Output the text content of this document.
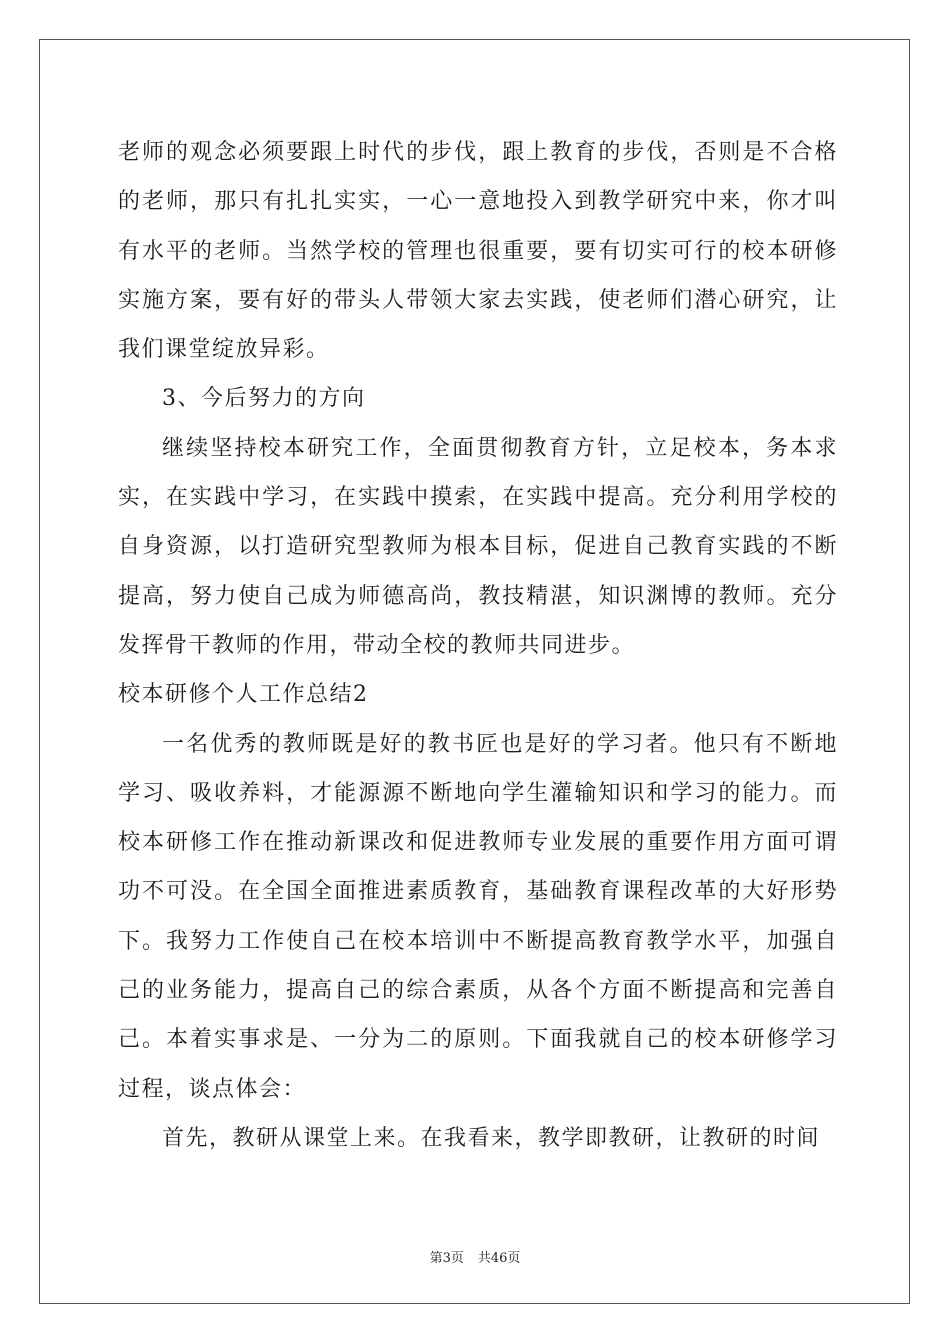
老师的观念必须要跟上时代的步伐，跟上教育的步伐，否则是不合格的老师，那只有扎扎实实，一心一意地投入到教学研究中来，你才叫有水平的老师。当然学校的管理也很重要，要有切实可行的校本研修实施方案，要有好的带头人带领大家去实践，使老师们潜心研究，让我们课堂绽放异彩。

3、今后努力的方向

继续坚持校本研究工作，全面贯彻教育方针，立足校本，务本求实，在实践中学习，在实践中摸索，在实践中提高。充分利用学校的自身资源，以打造研究型教师为根本目标，促进自己教育实践的不断提高，努力使自己成为师德高尚，教技精湛，知识渊博的教师。充分发挥骨干教师的作用，带动全校的教师共同进步。

校本研修个人工作总结2

一名优秀的教师既是好的教书匠也是好的学习者。他只有不断地学习、吸收养料，才能源源不断地向学生灌输知识和学习的能力。而校本研修工作在推动新课改和促进教师专业发展的重要作用方面可谓功不可没。在全国全面推进素质教育，基础教育课程改革的大好形势下。我努力工作使自己在校本培训中不断提高教育教学水平，加强自己的业务能力，提高自己的综合素质，从各个方面不断提高和完善自己。本着实事求是、一分为二的原则。下面我就自己的校本研修学习过程，谈点体会：

首先，教研从课堂上来。在我看来，教学即教研，让教研的时间

第3页 共46页
